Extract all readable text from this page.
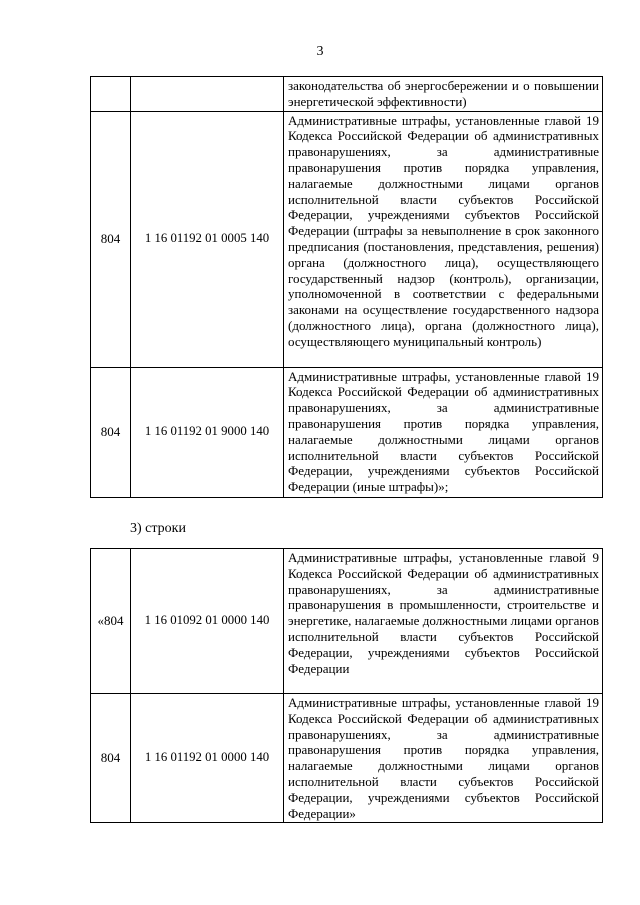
3

		законодательства об энергосбережении и о повышении энергетической эффективности)

804	1 16 01192 01 0005 140	Административные штрафы, установленные главой 19 Кодекса Российской Федерации об административных правонарушениях, за административные правонарушения против порядка управления, налагаемые должностными лицами органов исполнительной власти субъектов Российской Федерации, учреждениями субъектов Российской Федерации (штрафы за невыполнение в срок законного предписания (постановления, представления, решения) органа (должностного лица), осуществляющего государственный надзор (контроль), организации, уполномоченной в соответствии с федеральными законами на осуществление государственного надзора (должностного лица), органа (должностного лица), осуществляющего муниципальный контроль)

804	1 16 01192 01 9000 140	Административные штрафы, установленные главой 19 Кодекса Российской Федерации об административных правонарушениях, за административные правонарушения против порядка управления, налагаемые должностными лицами органов исполнительной власти субъектов Российской Федерации, учреждениями субъектов Российской Федерации (иные штрафы)»;
3) строки
«804	1 16 01092 01 0000 140	Административные штрафы, установленные главой 9 Кодекса Российской Федерации об административных правонарушениях, за административные правонарушения в промышленности, строительстве и энергетике, налагаемые должностными лицами органов исполнительной власти субъектов Российской Федерации, учреждениями субъектов Российской Федерации

804	1 16 01192 01 0000 140	Административные штрафы, установленные главой 19 Кодекса Российской Федерации об административных правонарушениях, за административные правонарушения против порядка управления, налагаемые должностными лицами органов исполнительной власти субъектов Российской Федерации, учреждениями субъектов Российской Федерации»
